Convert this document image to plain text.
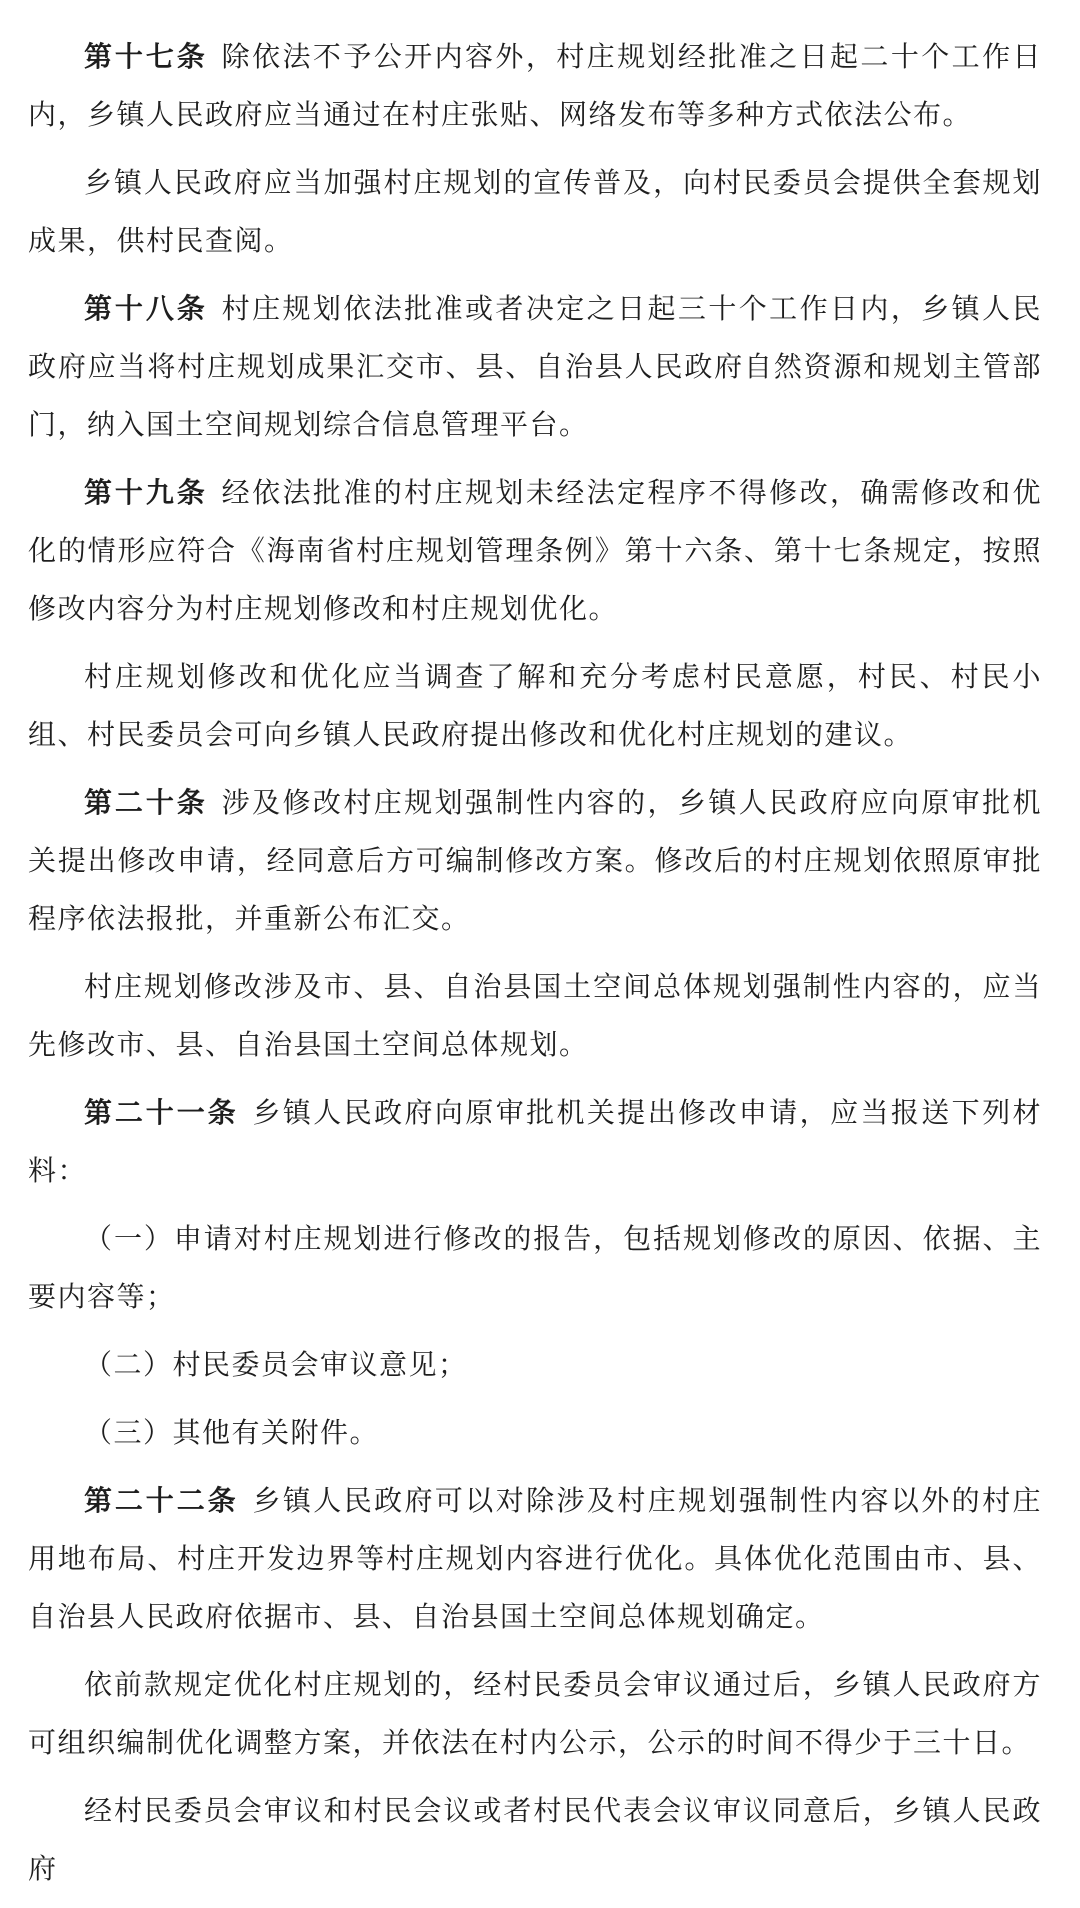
第十七条 除依法不予公开内容外，村庄规划经批准之日起二十个工作日内，乡镇人民政府应当通过在村庄张贴、网络发布等多种方式依法公布。

乡镇人民政府应当加强村庄规划的宣传普及，向村民委员会提供全套规划成果，供村民查阅。

第十八条 村庄规划依法批准或者决定之日起三十个工作日内，乡镇人民政府应当将村庄规划成果汇交市、县、自治县人民政府自然资源和规划主管部门，纳入国土空间规划综合信息管理平台。

第十九条 经依法批准的村庄规划未经法定程序不得修改，确需修改和优化的情形应符合《海南省村庄规划管理条例》第十六条、第十七条规定，按照修改内容分为村庄规划修改和村庄规划优化。

村庄规划修改和优化应当调查了解和充分考虑村民意愿，村民、村民小组、村民委员会可向乡镇人民政府提出修改和优化村庄规划的建议。

第二十条 涉及修改村庄规划强制性内容的，乡镇人民政府应向原审批机关提出修改申请，经同意后方可编制修改方案。修改后的村庄规划依照原审批程序依法报批，并重新公布汇交。

村庄规划修改涉及市、县、自治县国土空间总体规划强制性内容的，应当先修改市、县、自治县国土空间总体规划。

第二十一条 乡镇人民政府向原审批机关提出修改申请，应当报送下列材料：

（一）申请对村庄规划进行修改的报告，包括规划修改的原因、依据、主要内容等；

（二）村民委员会审议意见；

（三）其他有关附件。

第二十二条 乡镇人民政府可以对除涉及村庄规划强制性内容以外的村庄用地布局、村庄开发边界等村庄规划内容进行优化。具体优化范围由市、县、自治县人民政府依据市、县、自治县国土空间总体规划确定。

依前款规定优化村庄规划的，经村民委员会审议通过后，乡镇人民政府方可组织编制优化调整方案，并依法在村内公示，公示的时间不得少于三十日。

经村民委员会审议和村民会议或者村民代表会议审议同意后，乡镇人民政府
